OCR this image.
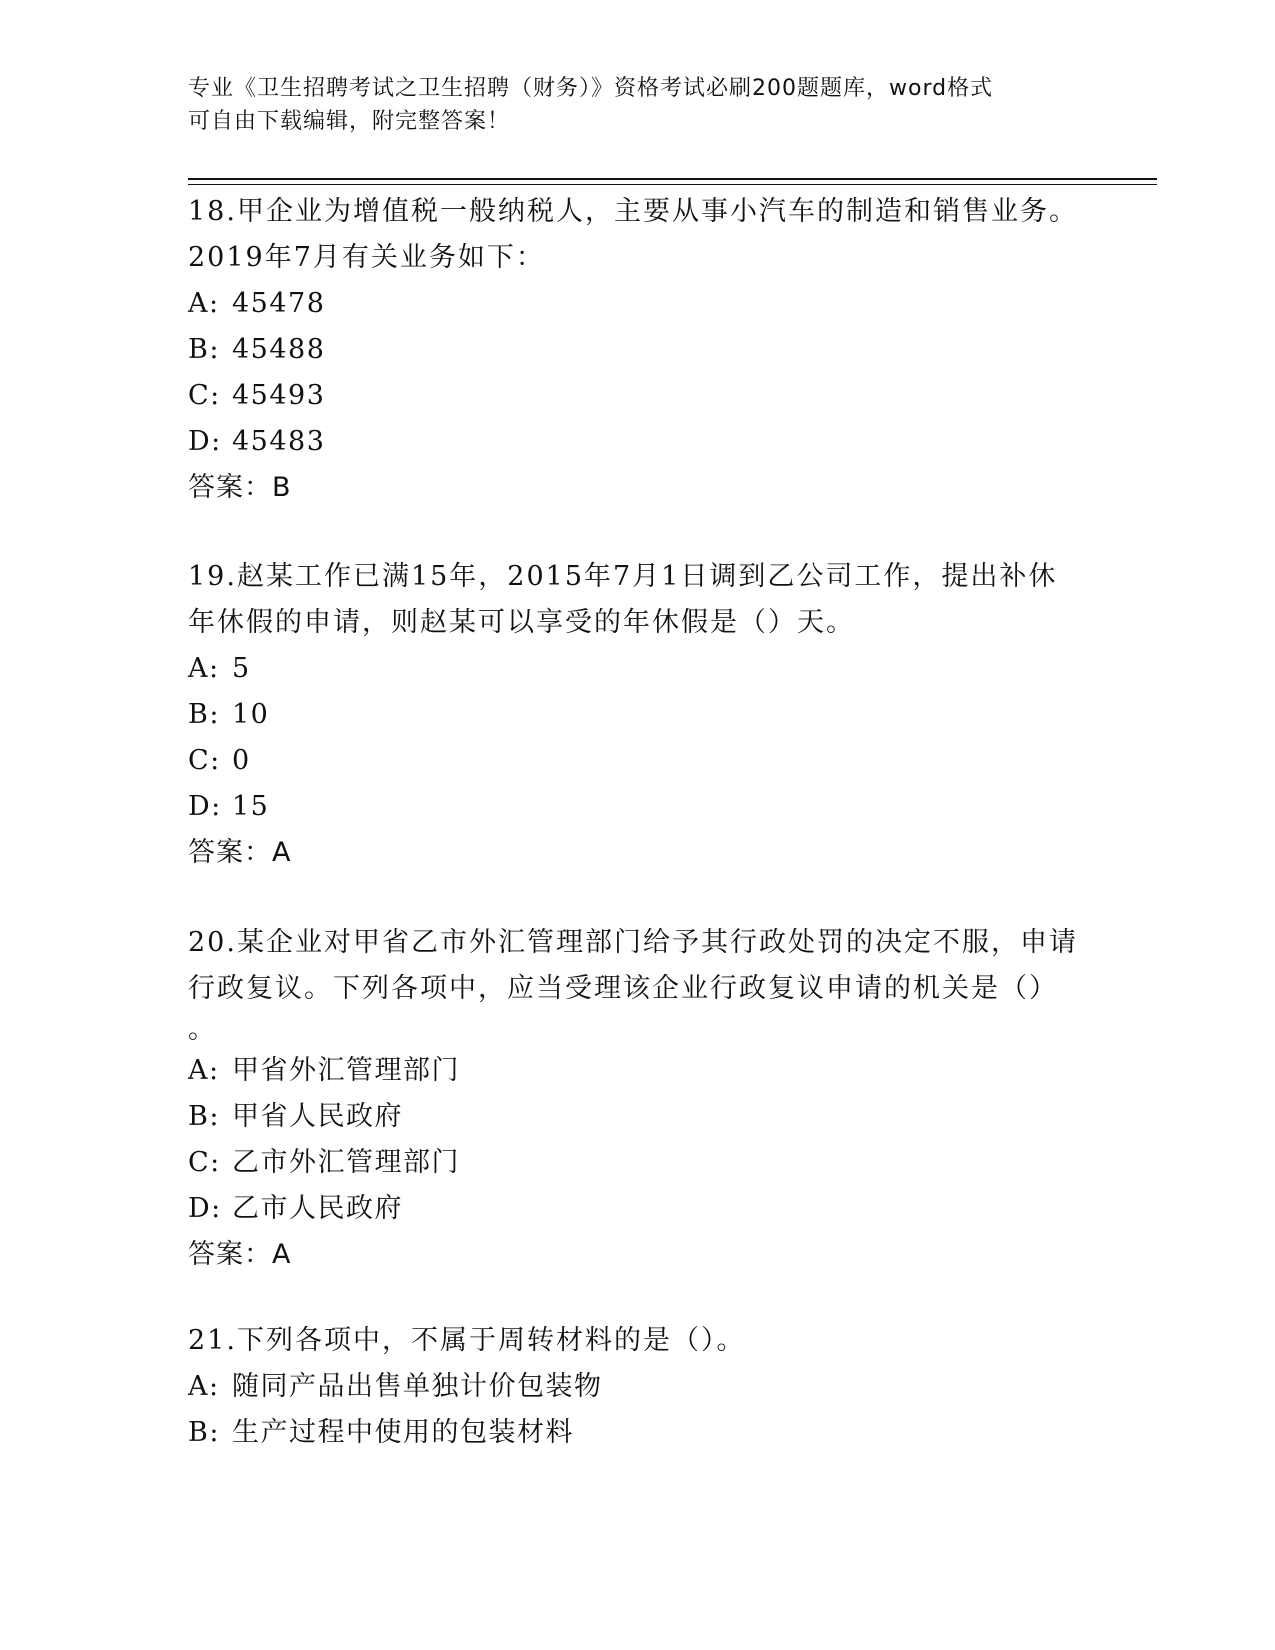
专业《卫生招聘考试之卫生招聘（财务）》资格考试必刷200题题库，word格式
可自由下载编辑，附完整答案！
18.甲企业为增值税一般纳税人，主要从事小汽车的制造和销售业务。
2019年7月有关业务如下：
A: 45478
B: 45488
C: 45493
D: 45483
答案：B
19.赵某工作已满15年，2015年7月1日调到乙公司工作，提出补休
年休假的申请，则赵某可以享受的年休假是（）天。
A: 5
B: 10
C: 0
D: 15
答案：A
20.某企业对甲省乙市外汇管理部门给予其行政处罚的决定不服，申请
行政复议。下列各项中，应当受理该企业行政复议申请的机关是（）
。
A: 甲省外汇管理部门
B: 甲省人民政府
C: 乙市外汇管理部门
D: 乙市人民政府
答案：A
21.下列各项中，不属于周转材料的是（）。
A: 随同产品出售单独计价包装物
B: 生产过程中使用的包装材料
